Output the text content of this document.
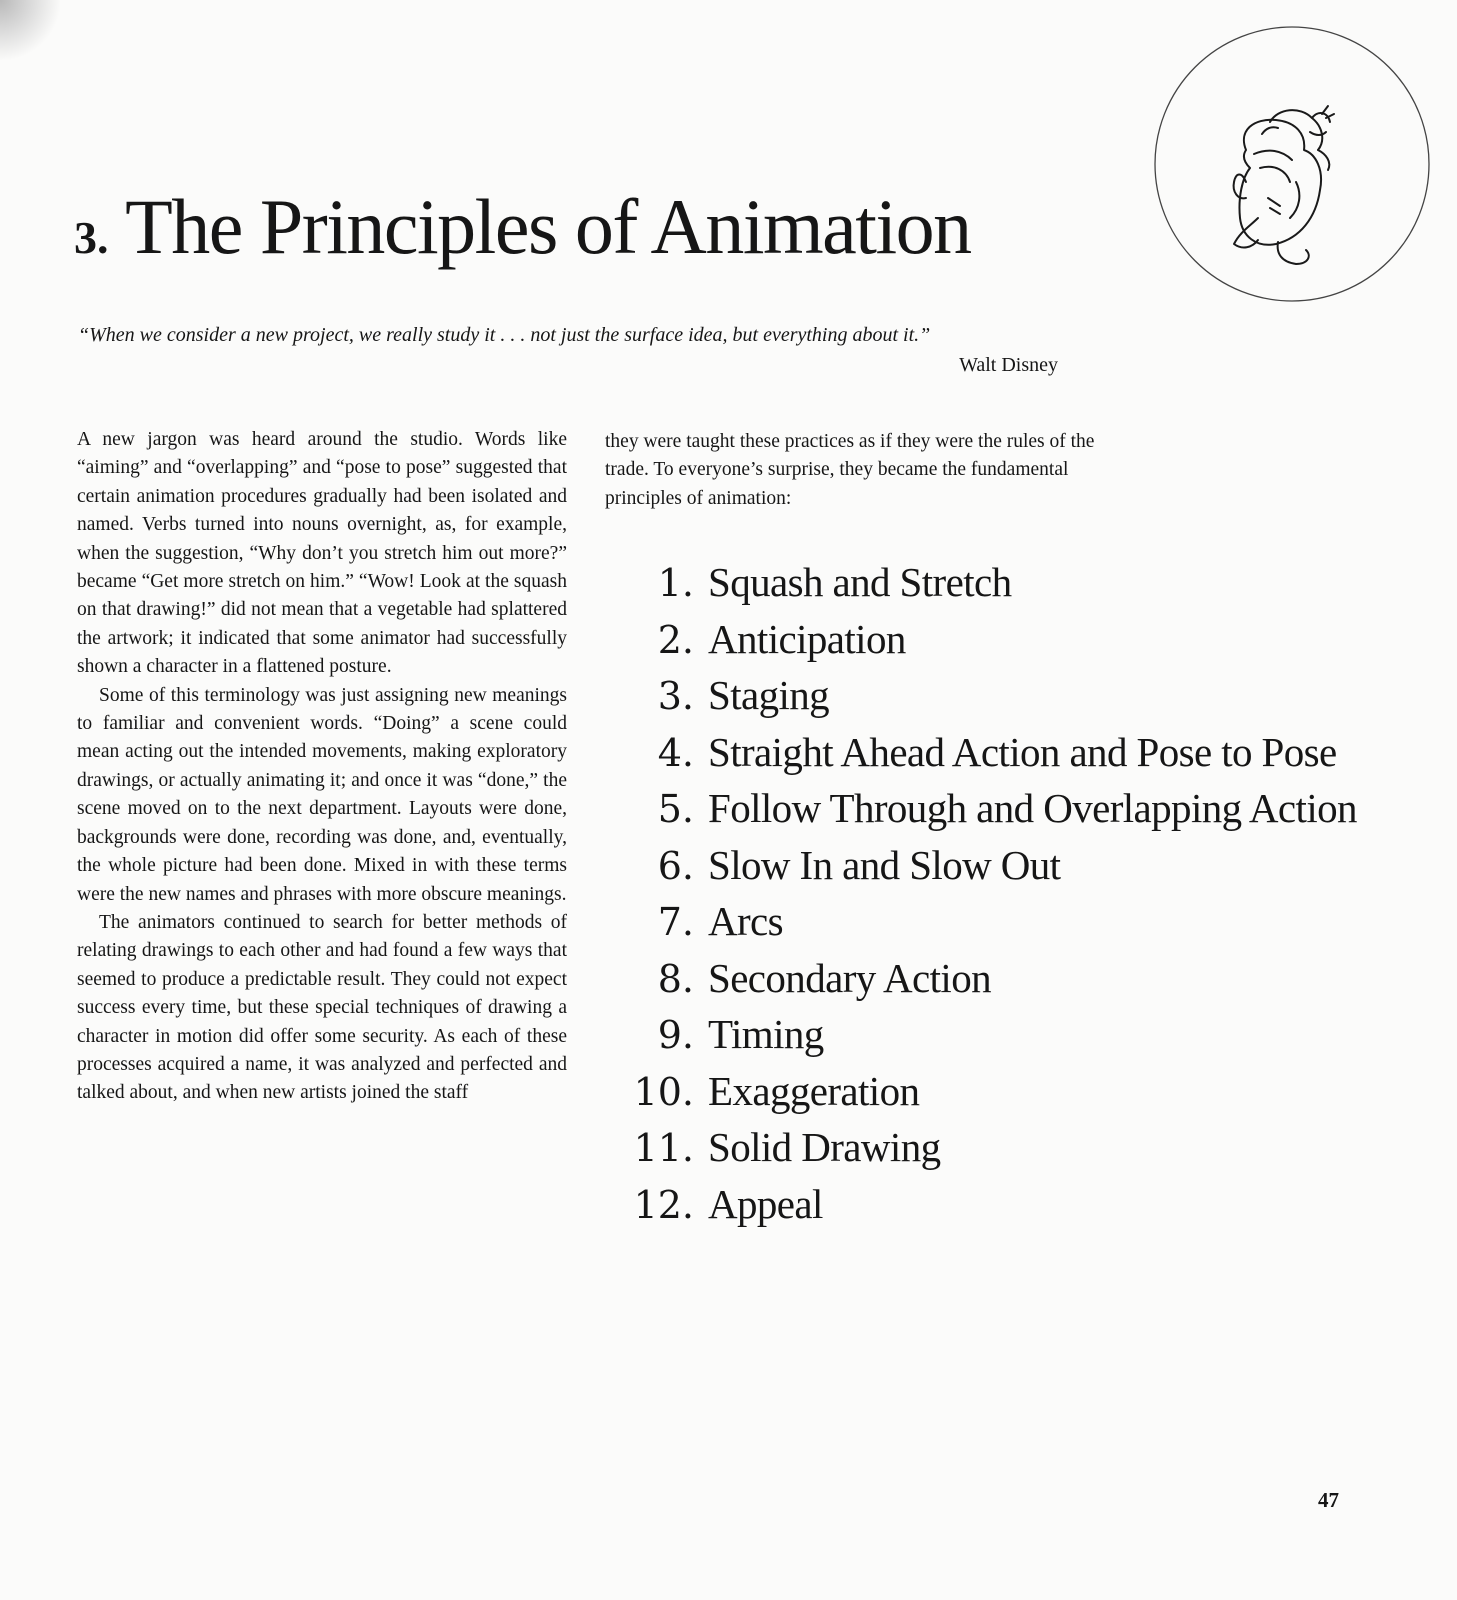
3. The Principles of Animation

“When we consider a new project, we really study it . . . not just the surface idea, but everything about it.”

Walt Disney

A new jargon was heard around the studio. Words like “aiming” and “overlapping” and “pose to pose” suggested that certain animation procedures gradually had been isolated and named. Verbs turned into nouns overnight, as, for example, when the suggestion, “Why don’t you stretch him out more?” became “Get more stretch on him.” “Wow! Look at the squash on that drawing!” did not mean that a vegetable had splattered the artwork; it indicated that some animator had successfully shown a character in a flattened posture.

Some of this terminology was just assigning new meanings to familiar and convenient words. “Doing” a scene could mean acting out the intended movements, making exploratory drawings, or actually animating it; and once it was “done,” the scene moved on to the next department. Layouts were done, backgrounds were done, recording was done, and, eventually, the whole picture had been done. Mixed in with these terms were the new names and phrases with more obscure meanings.

The animators continued to search for better methods of relating drawings to each other and had found a few ways that seemed to produce a predictable result. They could not expect success every time, but these special techniques of drawing a character in motion did offer some security. As each of these processes acquired a name, it was analyzed and perfected and talked about, and when new artists joined the staff

they were taught these practices as if they were the rules of the trade. To everyone’s surprise, they became the fundamental principles of animation:

1. Squash and Stretch
2. Anticipation
3. Staging
4. Straight Ahead Action and Pose to Pose
5. Follow Through and Overlapping Action
6. Slow In and Slow Out
7. Arcs
8. Secondary Action
9. Timing
10. Exaggeration
11. Solid Drawing
12. Appeal
47
